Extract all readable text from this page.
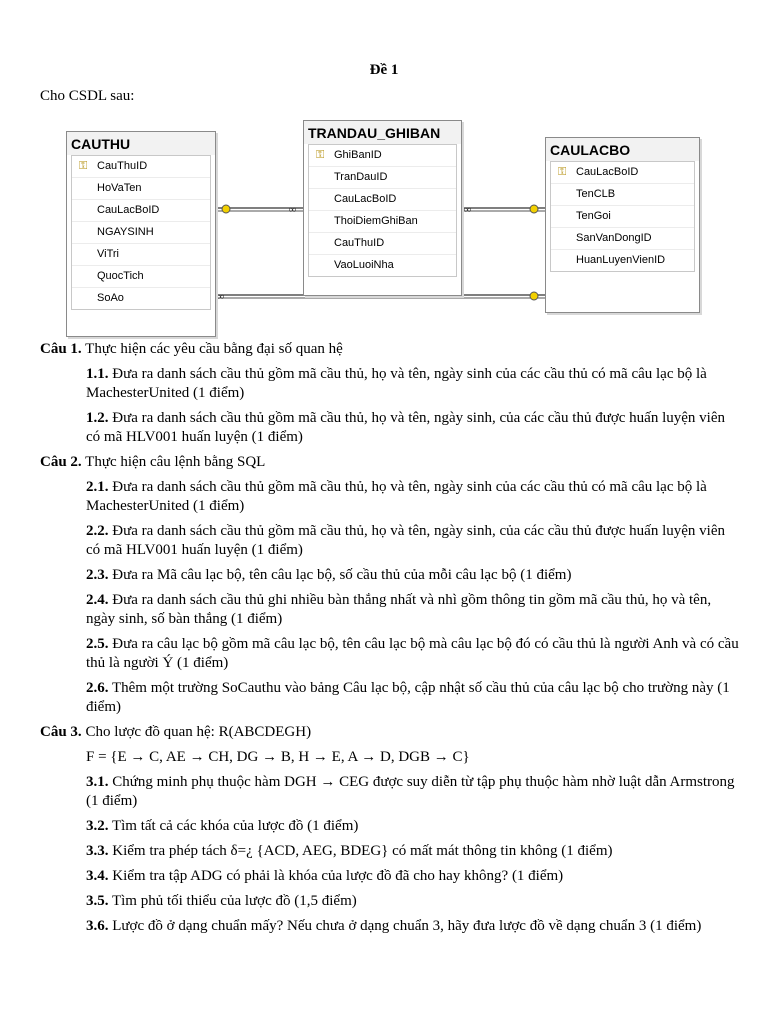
Đề 1
Cho CSDL sau:
∞	∞
∞
CAUTHU
⚿ CauThuID
HoVaTen
CauLacBoID
NGAYSINH
ViTri
QuocTich
SoAo
TRANDAU_GHIBAN
⚿ GhiBanID
TranDauID
CauLacBoID
ThoiDiemGhiBan
CauThuID
VaoLuoiNha
CAULACBO
⚿ CauLacBoID
TenCLB
TenGoi
SanVanDongID
HuanLuyenVienID
Câu 1. Thực hiện các yêu cầu bằng đại số quan hệ
1.1. Đưa ra danh sách cầu thủ gồm mã cầu thủ, họ và tên, ngày sinh của các cầu thủ có mã câu lạc bộ là MachesterUnited (1 điểm)
1.2. Đưa ra danh sách cầu thủ gồm mã cầu thủ, họ và tên, ngày sinh, của các cầu thủ được huấn luyện viên có mã HLV001 huấn luyện (1 điểm)
Câu 2. Thực hiện câu lệnh bằng SQL
2.1. Đưa ra danh sách cầu thủ gồm mã cầu thủ, họ và tên, ngày sinh của các cầu thủ có mã câu lạc bộ là MachesterUnited (1 điểm)
2.2. Đưa ra danh sách cầu thủ gồm mã cầu thủ, họ và tên, ngày sinh, của các cầu thủ được huấn luyện viên có mã HLV001 huấn luyện (1 điểm)
2.3. Đưa ra Mã câu lạc bộ, tên câu lạc bộ, số cầu thủ của mỗi câu lạc bộ (1 điểm)
2.4. Đưa ra danh sách cầu thủ ghi nhiều bàn thắng nhất và nhì gồm thông tin gồm mã cầu thủ, họ và tên, ngày sinh, số bàn thắng (1 điểm)
2.5. Đưa ra câu lạc bộ gồm mã câu lạc bộ, tên câu lạc bộ mà câu lạc bộ đó có cầu thủ là người Anh và có cầu thủ là người Ý (1 điểm)
2.6. Thêm một trường SoCauthu vào bảng Câu lạc bộ, cập nhật số cầu thủ của câu lạc bộ cho trường này (1 điểm)
Câu 3. Cho lược đồ quan hệ: R(ABCDEGH)
F = {E → C, AE → CH, DG → B, H → E, A → D, DGB → C}
3.1. Chứng minh phụ thuộc hàm DGH → CEG được suy diễn từ tập phụ thuộc hàm nhờ luật dẫn Armstrong (1 điểm)
3.2. Tìm tất cả các khóa của lược đồ (1 điểm)
3.3. Kiểm tra phép tách δ=¿ {ACD, AEG, BDEG} có mất mát thông tin không (1 điểm)
3.4. Kiểm tra tập ADG có phải là khóa của lược đồ đã cho hay không? (1 điểm)
3.5. Tìm phủ tối thiểu của lược đồ (1,5 điểm)
3.6. Lược đồ ở dạng chuẩn mấy? Nếu chưa ở dạng chuẩn 3, hãy đưa lược đồ về dạng chuẩn 3 (1 điểm)
